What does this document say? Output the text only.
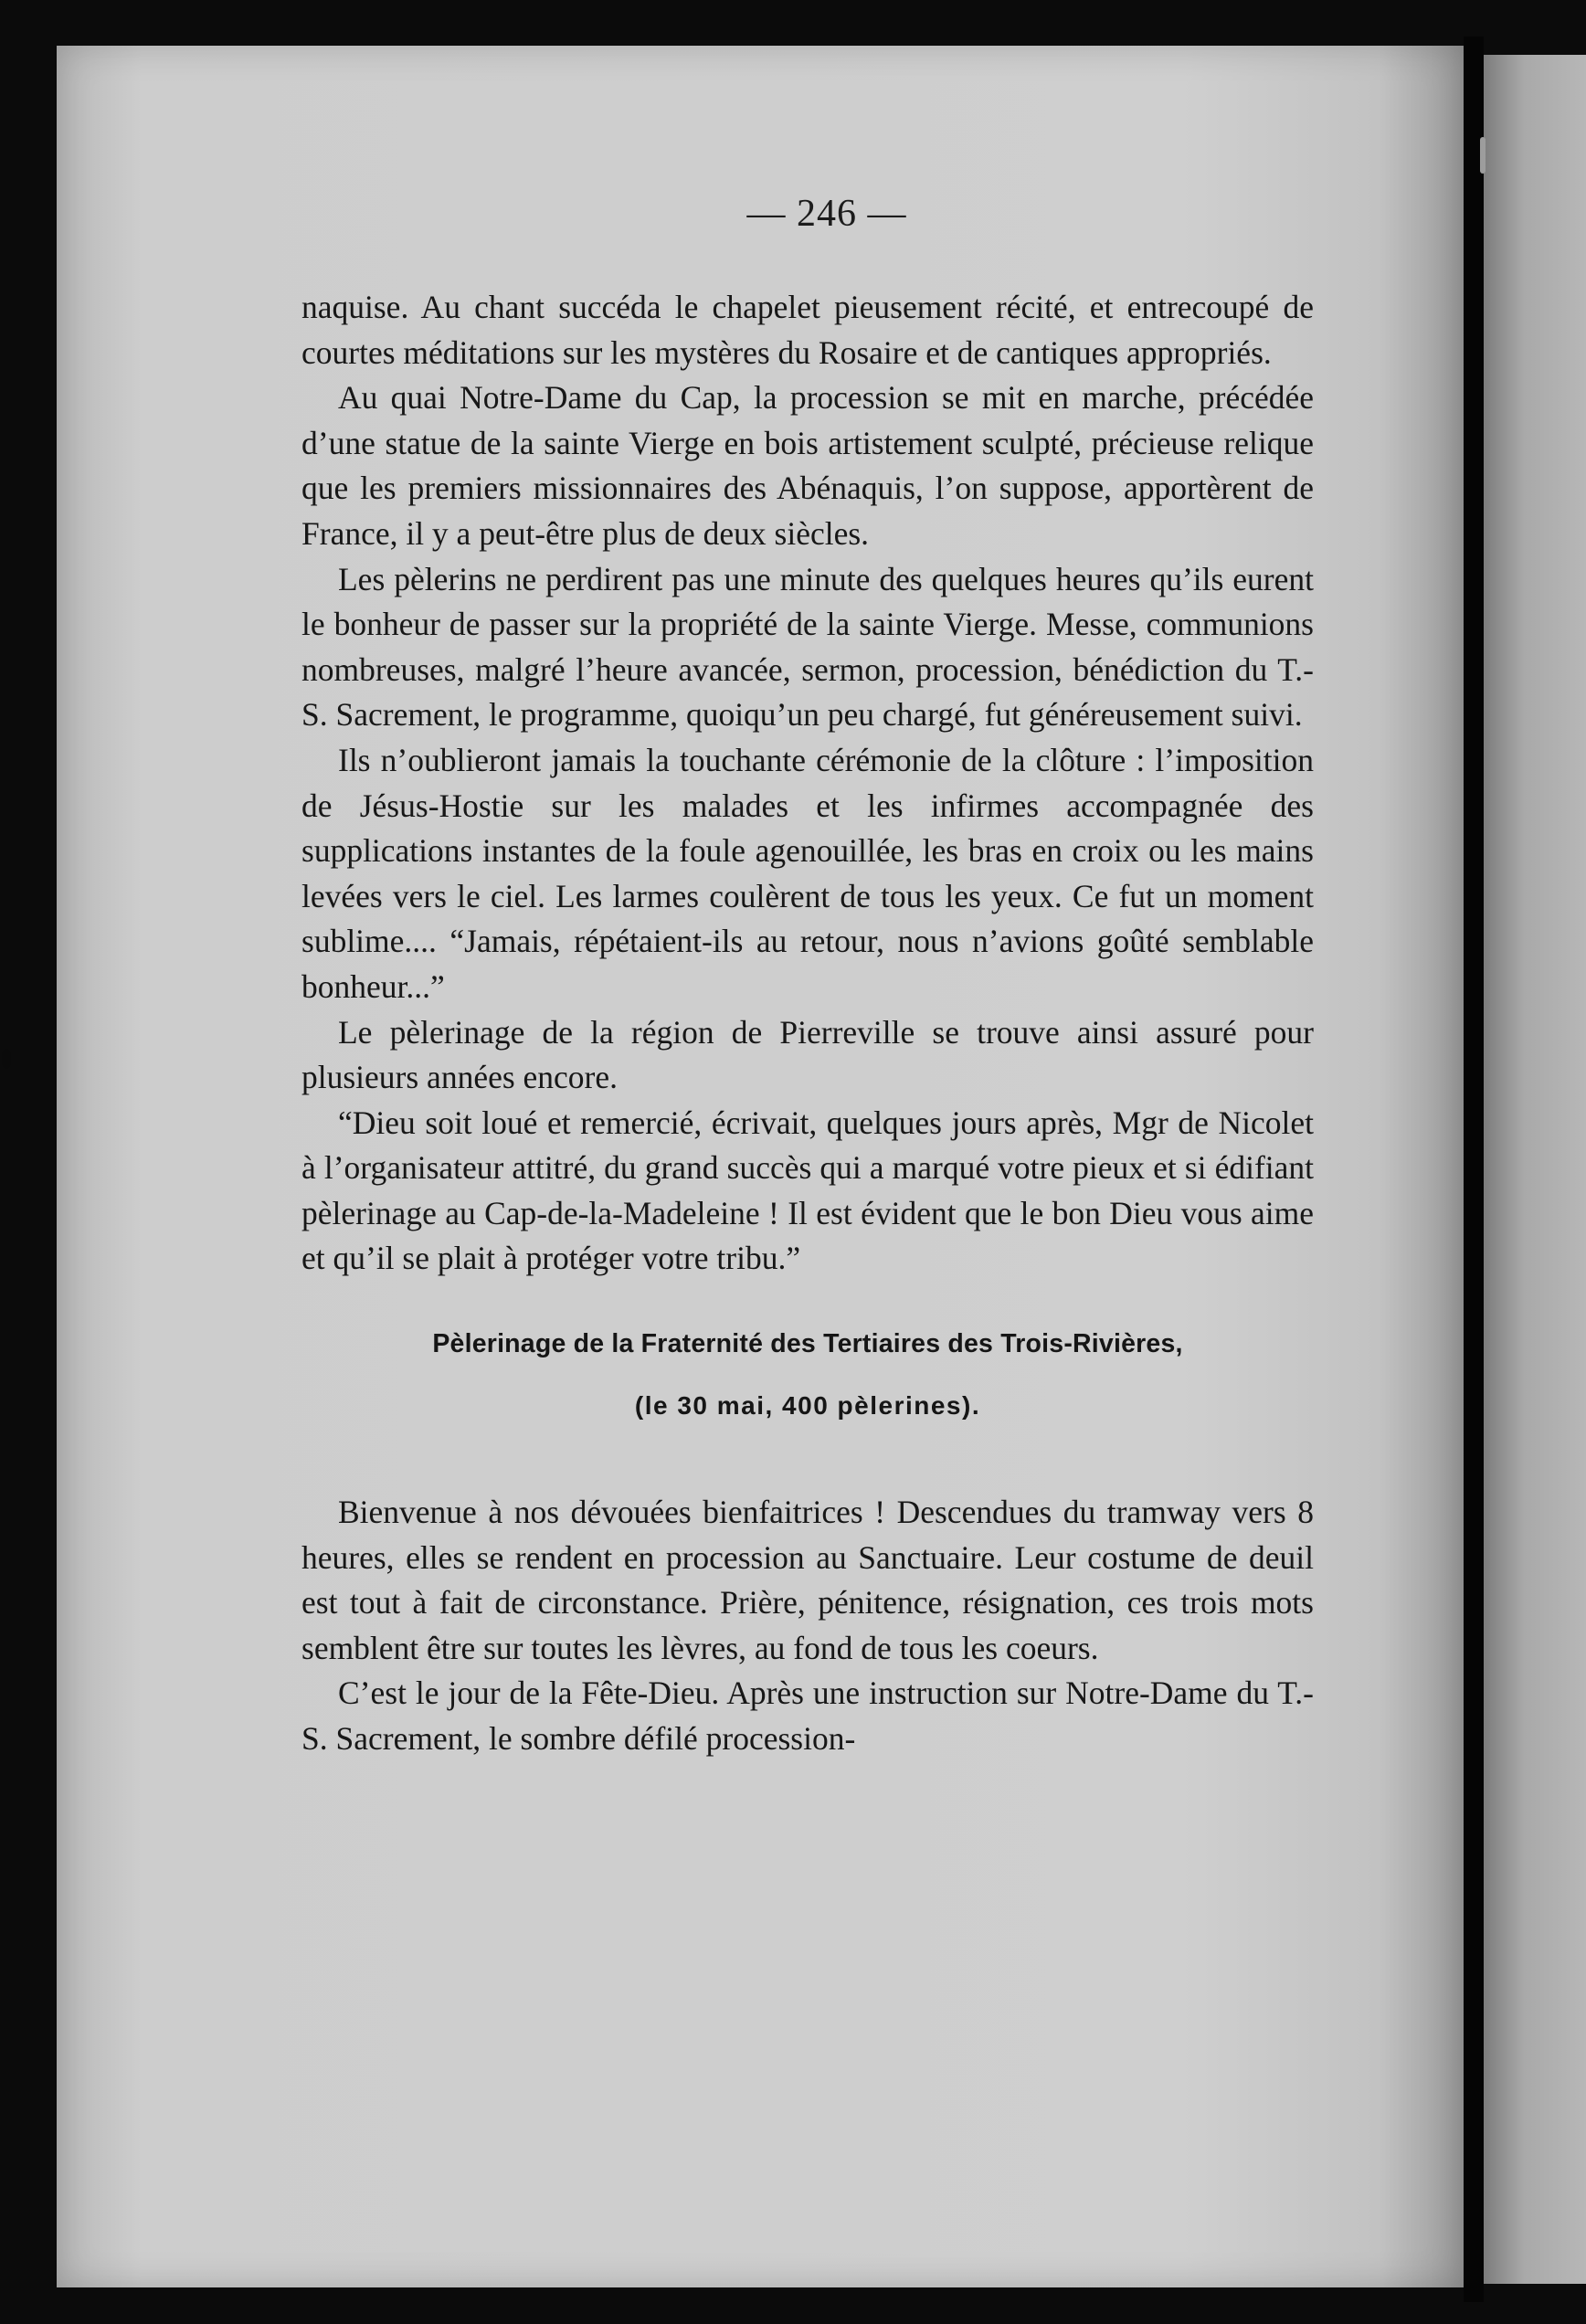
— 246 —

naquise. Au chant succéda le chapelet pieusement récité, et entrecoupé de courtes méditations sur les mystères du Rosaire et de cantiques appropriés.

Au quai Notre-Dame du Cap, la procession se mit en marche, précédée d’une statue de la sainte Vierge en bois artistement sculpté, précieuse relique que les premiers missionnaires des Abénaquis, l’on suppose, apportèrent de France, il y a peut-être plus de deux siècles.

Les pèlerins ne perdirent pas une minute des quelques heures qu’ils eurent le bonheur de passer sur la propriété de la sainte Vierge. Messe, communions nombreuses, malgré l’heure avancée, sermon, procession, bénédiction du T.-S. Sacrement, le programme, quoiqu’un peu chargé, fut généreusement suivi.

Ils n’oublieront jamais la touchante cérémonie de la clôture : l’imposition de Jésus-Hostie sur les malades et les infirmes accompagnée des supplications instantes de la foule agenouillée, les bras en croix ou les mains levées vers le ciel. Les larmes coulèrent de tous les yeux. Ce fut un moment sublime.... “Jamais, répétaient-ils au retour, nous n’avions goûté semblable bonheur...”

Le pèlerinage de la région de Pierreville se trouve ainsi assuré pour plusieurs années encore.

“Dieu soit loué et remercié, écrivait, quelques jours après, Mgr de Nicolet à l’organisateur attitré, du grand succès qui a marqué votre pieux et si édifiant pèlerinage au Cap-de-la-Madeleine ! Il est évident que le bon Dieu vous aime et qu’il se plait à protéger votre tribu.”

Pèlerinage de la Fraternité des Tertiaires des Trois-Rivières,
(le 30 mai, 400 pèlerines).

Bienvenue à nos dévouées bienfaitrices ! Descendues du tramway vers 8 heures, elles se rendent en procession au Sanctuaire. Leur costume de deuil est tout à fait de circonstance. Prière, pénitence, résignation, ces trois mots semblent être sur toutes les lèvres, au fond de tous les coeurs.

C’est le jour de la Fête-Dieu. Après une instruction sur Notre-Dame du T.-S. Sacrement, le sombre défilé procession-
